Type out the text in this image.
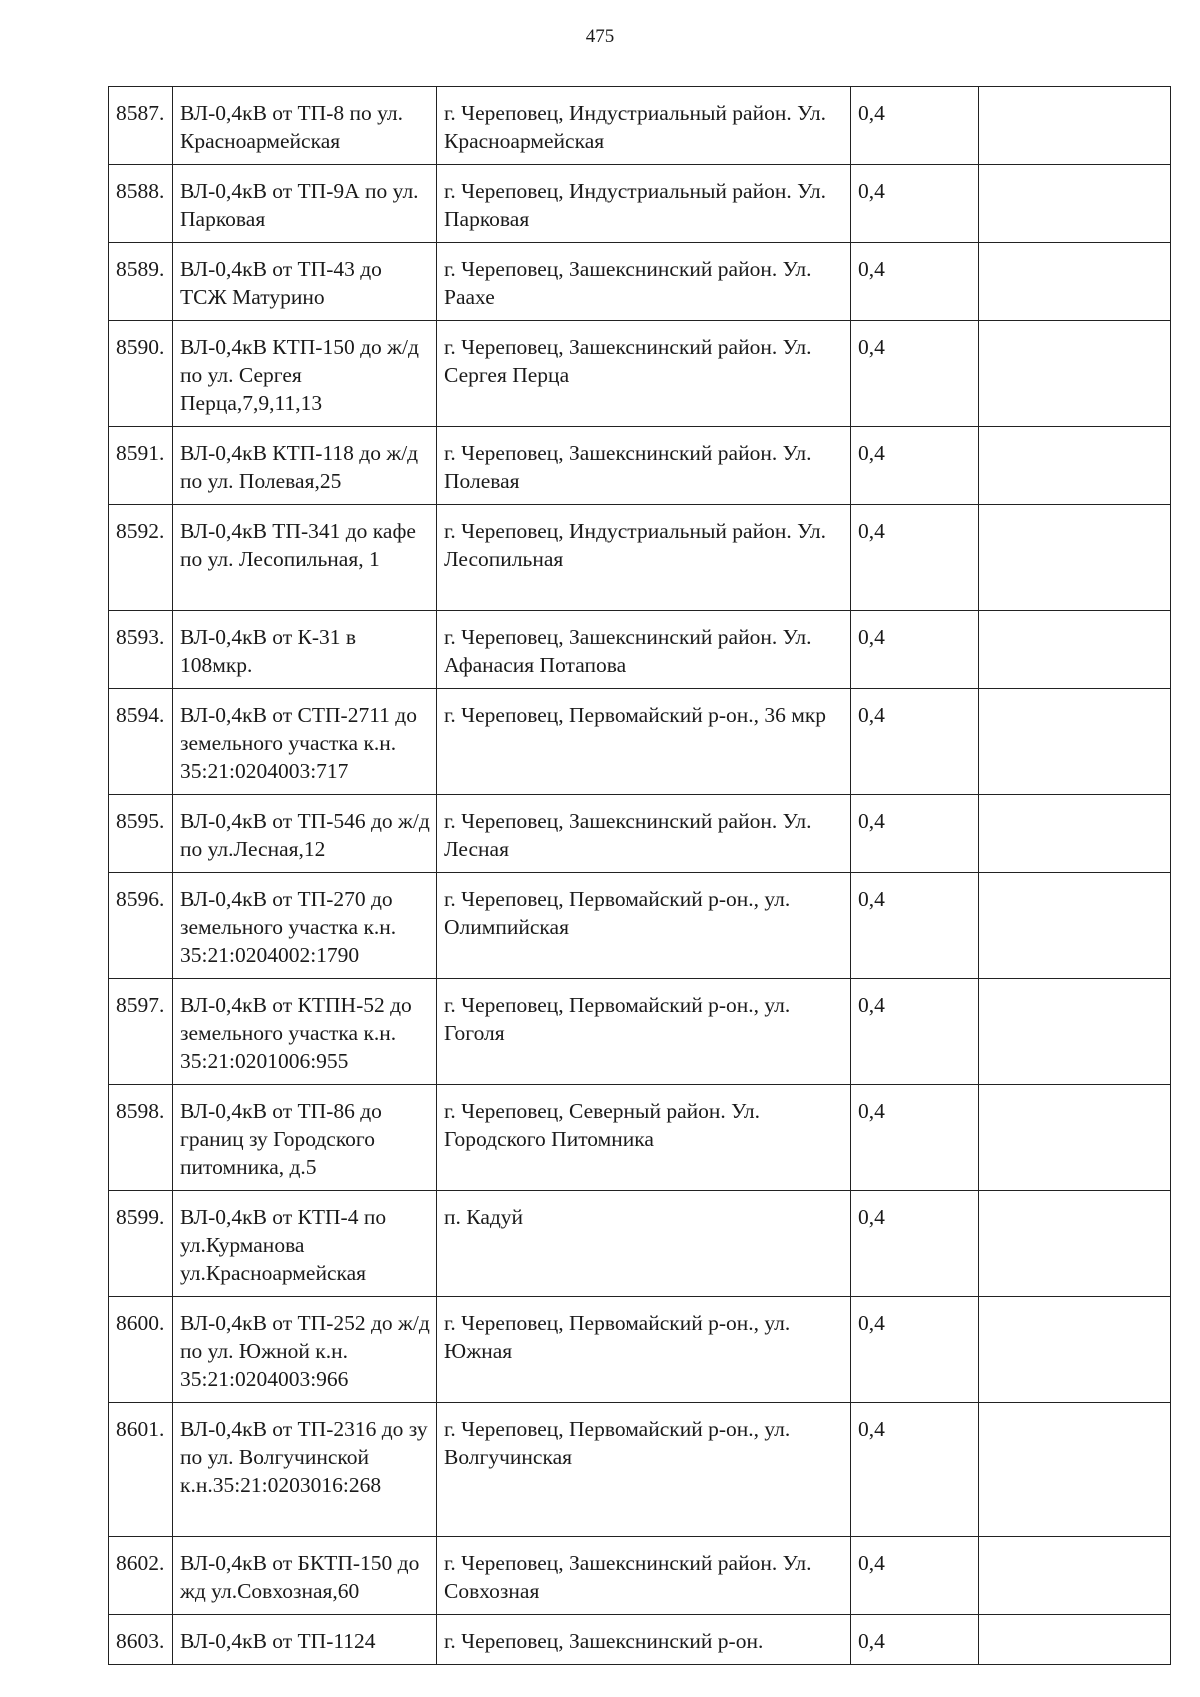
475
8587.	ВЛ-0,4кВ от ТП-8 по ул. Красноармейская	г. Череповец, Индустриальный район. Ул. Красноармейская	0,4	
8588.	ВЛ-0,4кВ от ТП-9А по ул. Парковая	г. Череповец, Индустриальный район. Ул. Парковая	0,4	
8589.	ВЛ-0,4кВ от ТП-43 до ТСЖ Матурино	г. Череповец, Зашекснинский район. Ул. Раахе	0,4	
8590.	ВЛ-0,4кВ КТП-150 до ж/д по ул. Сергея Перца,7,9,11,13	г. Череповец, Зашекснинский район. Ул. Сергея Перца	0,4	
8591.	ВЛ-0,4кВ КТП-118 до ж/д по ул. Полевая,25	г. Череповец, Зашекснинский район. Ул. Полевая	0,4	
8592.	ВЛ-0,4кВ ТП-341 до кафе по ул. Лесопильная, 1	г. Череповец, Индустриальный район. Ул. Лесопильная	0,4	
8593.	ВЛ-0,4кВ от К-31 в 108мкр.	г. Череповец, Зашекснинский район. Ул. Афанасия Потапова	0,4	
8594.	ВЛ-0,4кВ от СТП-2711 до земельного участка к.н. 35:21:0204003:717	г. Череповец, Первомайский р-он., 36 мкр	0,4	
8595.	ВЛ-0,4кВ от ТП-546 до ж/д по ул.Лесная,12	г. Череповец, Зашекснинский район. Ул. Лесная	0,4	
8596.	ВЛ-0,4кВ от ТП-270 до земельного участка к.н. 35:21:0204002:1790	г. Череповец, Первомайский р-он., ул. Олимпийская	0,4	
8597.	ВЛ-0,4кВ от КТПН-52 до земельного участка к.н. 35:21:0201006:955	г. Череповец, Первомайский р-он., ул. Гоголя	0,4	
8598.	ВЛ-0,4кВ от ТП-86 до границ зу Городского питомника, д.5	г. Череповец, Северный район. Ул. Городского Питомника	0,4	
8599.	ВЛ-0,4кВ от КТП-4 по ул.Курманова ул.Красноармейская	п. Кадуй	0,4	
8600.	ВЛ-0,4кВ от ТП-252 до ж/д по ул. Южной к.н. 35:21:0204003:966	г. Череповец, Первомайский р-он., ул. Южная	0,4	
8601.	ВЛ-0,4кВ от ТП-2316 до зу по ул. Волгучинской к.н.35:21:0203016:268	г. Череповец, Первомайский р-он., ул. Волгучинская	0,4	
8602.	ВЛ-0,4кВ от БКТП-150 до жд ул.Совхозная,60	г. Череповец, Зашекснинский район. Ул. Совхозная	0,4	
8603.	ВЛ-0,4кВ от ТП-1124	г. Череповец, Зашекснинский р-он.	0,4	
